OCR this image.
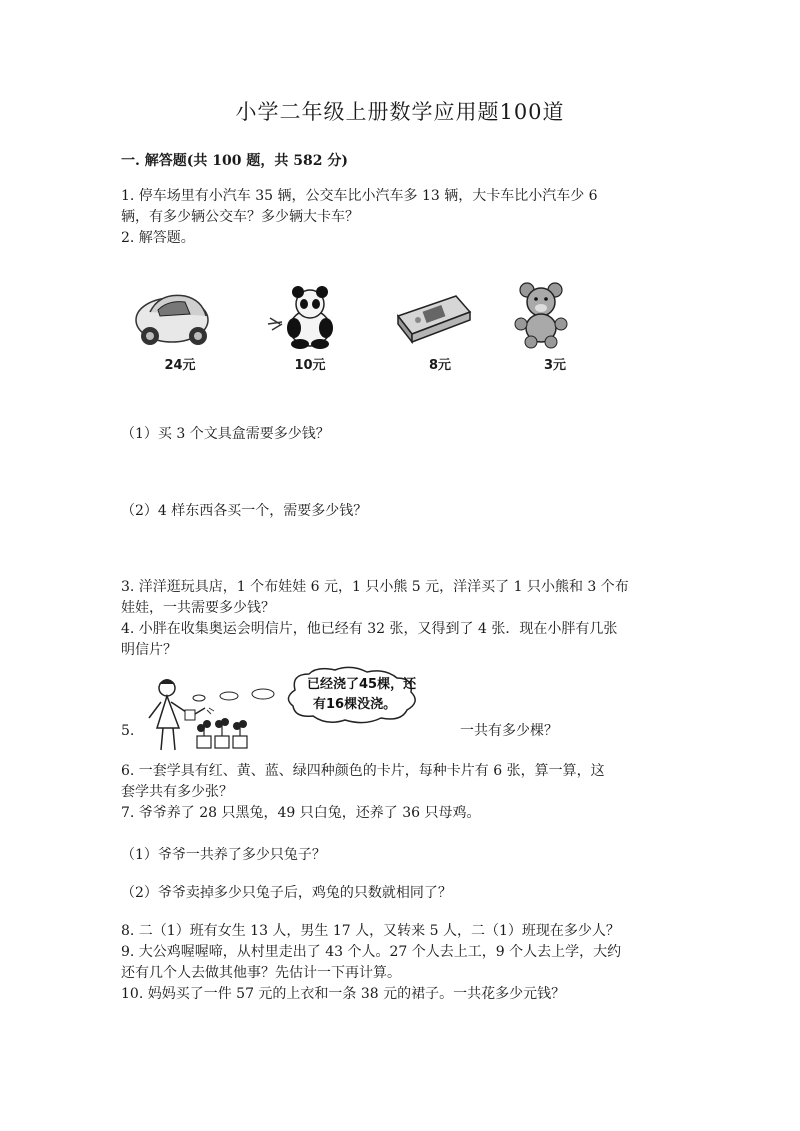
小学二年级上册数学应用题100道
一. 解答题(共 100 题，共 582 分)

1. 停车场里有小汽车 35 辆，公交车比小汽车多 13 辆，大卡车比小汽车少 6
辆，有多少辆公交车？多少辆大卡车？

2. 解答题。

24元	10元	8元	3元

（1）买 3 个文具盒需要多少钱？

（2）4 样东西各买一个，需要多少钱？

3. 洋洋逛玩具店，1 个布娃娃 6 元，1 只小熊 5 元，洋洋买了 1 只小熊和 3 个布
娃娃，一共需要多少钱？

4. 小胖在收集奥运会明信片，他已经有 32 张，又得到了 4 张．现在小胖有几张
明信片？

5.

已经浇了45棵，还
有16棵没浇。

一共有多少棵？

6. 一套学具有红、黄、蓝、绿四种颜色的卡片，每种卡片有 6 张，算一算，这
套学共有多少张？

7. 爷爷养了 28 只黑兔，49 只白兔，还养了 36 只母鸡。

（1）爷爷一共养了多少只兔子？

（2）爷爷卖掉多少只兔子后，鸡兔的只数就相同了？

8. 二（1）班有女生 13 人，男生 17 人，又转来 5 人，二（1）班现在多少人？

9. 大公鸡喔喔啼，从村里走出了 43 个人。27 个人去上工，9 个人去上学，大约
还有几个人去做其他事？先估计一下再计算。

10. 妈妈买了一件 57 元的上衣和一条 38 元的裙子。一共花多少元钱？
